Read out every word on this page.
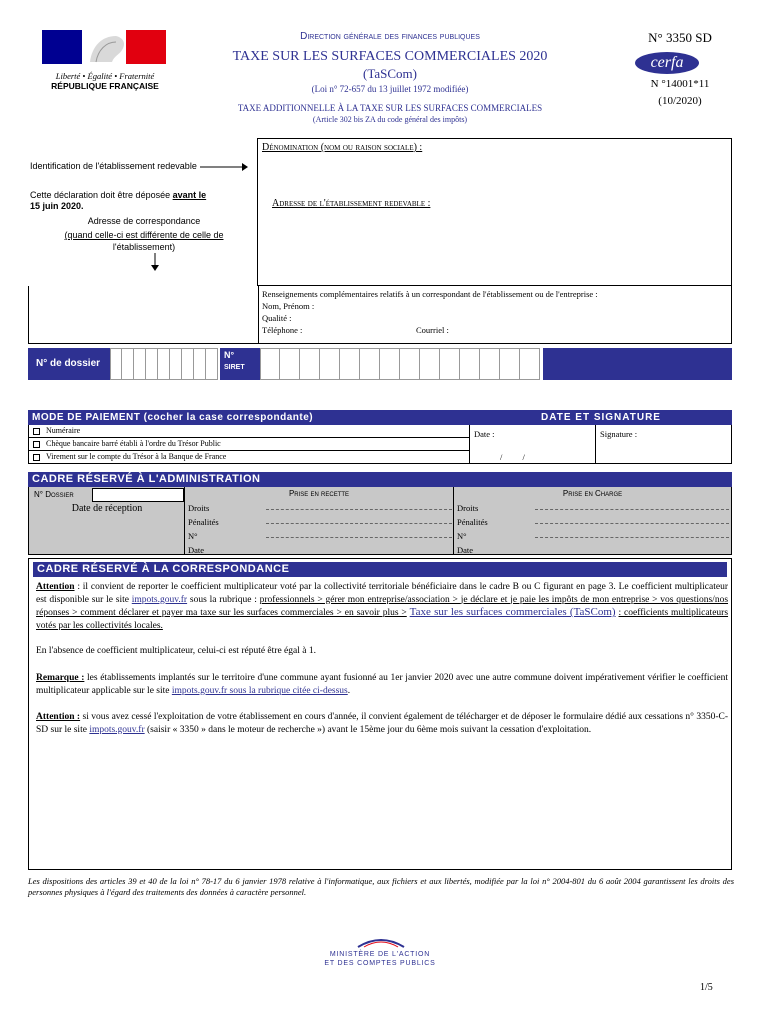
Liberté • Égalité • Fraternité
RÉPUBLIQUE FRANÇAISE
Direction générale des finances publiques
TAXE SUR LES SURFACES COMMERCIALES 2020
(TaSCom)
(Loi n° 72-657 du 13 juillet 1972 modifiée)
TAXE ADDITIONNELLE À LA TAXE SUR LES SURFACES COMMERCIALES
(Article 302 bis ZA du code général des impôts)
N° 3350 SD
cerfa
N °14001*11
(10/2020)
Identification de l'établissement redevable
Cette déclaration doit être déposée avant le
15 juin 2020.
Adresse de correspondance
(quand celle-ci est différente de celle de
l'établissement)
Dénomination (nom ou raison sociale) :
Adresse de l'établissement redevable :
Renseignements complémentaires relatifs à un correspondant de l'établissement ou de l'entreprise :
Nom, Prénom :
Qualité :
Téléphone :	Courriel :
N° de dossier
N°
SIRET
MODE DE PAIEMENT (cocher la case correspondante)	DATE ET SIGNATURE
Numéraire
Chèque bancaire barré établi à l'ordre du Trésor Public
Virement sur le compte du Trésor à la Banque de France
Date :
/ /
Signature :
CADRE RÉSERVÉ À L'ADMINISTRATION
N° Dossier
Date de réception
Prise en recette
Droits
Pénalités
N°
Date
Prise en Charge
Droits
Pénalités
N°
Date
CADRE RÉSERVÉ À LA CORRESPONDANCE
Attention : il convient de reporter le coefficient multiplicateur voté par la collectivité territoriale bénéficiaire dans le cadre B ou C figurant en page 3. Le coefficient multiplicateur est disponible sur le site impots.gouv.fr sous la rubrique : professionnels > gérer mon entreprise/association > je déclare et je paie les impôts de mon entreprise > vos questions/nos réponses > comment déclarer et payer ma taxe sur les surfaces commerciales > en savoir plus > Taxe sur les surfaces commerciales (TaSCom) : coefficients multiplicateurs votés par les collectivités locales.
En l'absence de coefficient multiplicateur, celui-ci est réputé être égal à 1.
Remarque : les établissements implantés sur le territoire d'une commune ayant fusionné au 1er janvier 2020 avec une autre commune doivent impérativement vérifier le coefficient multiplicateur applicable sur le site impots.gouv.fr sous la rubrique citée ci-dessus.
Attention : si vous avez cessé l'exploitation de votre établissement en cours d'année, il convient également de télécharger et de déposer le formulaire dédié aux cessations n° 3350-C-SD sur le site impots.gouv.fr (saisir « 3350 » dans le moteur de recherche ») avant le 15ème jour du 6ème mois suivant la cessation d'exploitation.
Les dispositions des articles 39 et 40 de la loi n° 78-17 du 6 janvier 1978 relative à l'informatique, aux fichiers et aux libertés, modifiée par la loi n° 2004-801 du 6 août 2004 garantissent les droits des personnes physiques à l'égard des traitements des données à caractère personnel.
MINISTÈRE DE L'ACTION
ET DES COMPTES PUBLICS
1/5
